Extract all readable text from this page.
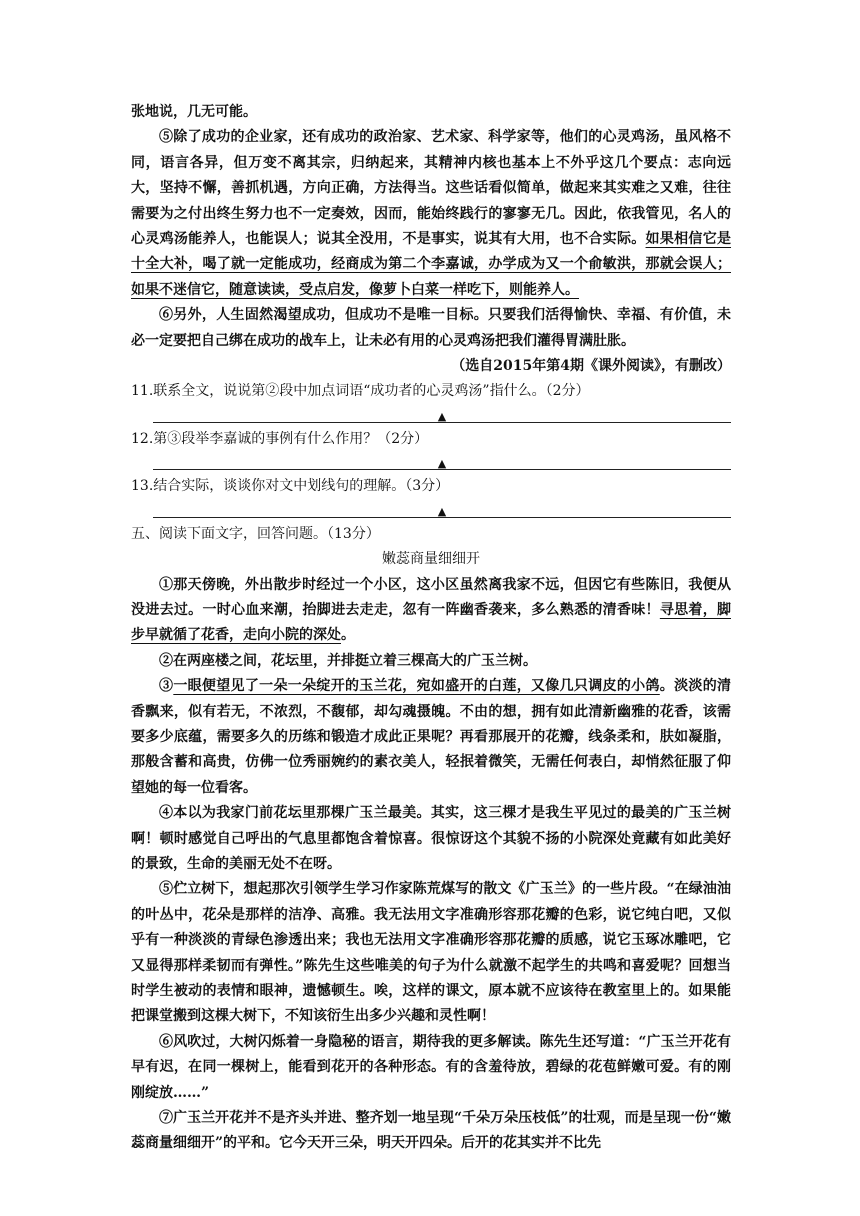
张地说，几无可能。

⑤除了成功的企业家，还有成功的政治家、艺术家、科学家等，他们的心灵鸡汤，虽风格不同，语言各异，但万变不离其宗，归纳起来，其精神内核也基本上不外乎这几个要点：志向远大，坚持不懈，善抓机遇，方向正确，方法得当。这些话看似简单，做起来其实难之又难，往往需要为之付出终生努力也不一定奏效，因而，能始终践行的寥寥无几。因此，依我管见，名人的心灵鸡汤能养人，也能误人；说其全没用，不是事实，说其有大用，也不合实际。如果相信它是十全大补，喝了就一定能成功，经商成为第二个李嘉诚，办学成为又一个俞敏洪，那就会误人；如果不迷信它，随意读读，受点启发，像萝卜白菜一样吃下，则能养人。

⑥另外，人生固然渴望成功，但成功不是唯一目标。只要我们活得愉快、幸福、有价值，未必一定要把自己绑在成功的战车上，让未必有用的心灵鸡汤把我们灌得胃满肚胀。

（选自2015年第4期《课外阅读》，有删改）

11.联系全文，说说第②段中加点词语“成功者的心灵鸡汤”指什么。（2分）

▲

12.第③段举李嘉诚的事例有什么作用？（2分）

▲

13.结合实际，谈谈你对文中划线句的理解。（3分）

▲

五、阅读下面文字，回答问题。（13分）

嫩蕊商量细细开

①那天傍晚，外出散步时经过一个小区，这小区虽然离我家不远，但因它有些陈旧，我便从没进去过。一时心血来潮，抬脚进去走走，忽有一阵幽香袭来，多么熟悉的清香味！寻思着，脚步早就循了花香，走向小院的深处。

②在两座楼之间，花坛里，并排挺立着三棵高大的广玉兰树。

③一眼便望见了一朵一朵绽开的玉兰花，宛如盛开的白莲，又像几只调皮的小鸽。淡淡的清香飘来，似有若无，不浓烈，不馥郁，却勾魂摄魄。不由的想，拥有如此清新幽雅的花香，该需要多少底蕴，需要多久的历练和锻造才成此正果呢？再看那展开的花瓣，线条柔和，肤如凝脂，那般含蓄和高贵，仿佛一位秀丽婉约的素衣美人，轻抿着微笑，无需任何表白，却悄然征服了仰望她的每一位看客。

④本以为我家门前花坛里那棵广玉兰最美。其实，这三棵才是我生平见过的最美的广玉兰树啊！顿时感觉自己呼出的气息里都饱含着惊喜。很惊讶这个其貌不扬的小院深处竟藏有如此美好的景致，生命的美丽无处不在呀。

⑤伫立树下，想起那次引领学生学习作家陈荒煤写的散文《广玉兰》的一些片段。“在绿油油的叶丛中，花朵是那样的洁净、高雅。我无法用文字准确形容那花瓣的色彩，说它纯白吧，又似乎有一种淡淡的青绿色渗透出来；我也无法用文字准确形容那花瓣的质感，说它玉琢冰雕吧，它又显得那样柔韧而有弹性。”陈先生这些唯美的句子为什么就激不起学生的共鸣和喜爱呢？回想当时学生被动的表情和眼神，遗憾顿生。唉，这样的课文，原本就不应该待在教室里上的。如果能把课堂搬到这棵大树下，不知该衍生出多少兴趣和灵性啊！

⑥风吹过，大树闪烁着一身隐秘的语言，期待我的更多解读。陈先生还写道：“广玉兰开花有早有迟，在同一棵树上，能看到花开的各种形态。有的含羞待放，碧绿的花苞鲜嫩可爱。有的刚刚绽放……”

⑦广玉兰开花并不是齐头并进、整齐划一地呈现“千朵万朵压枝低”的壮观，而是呈现一份“嫩蕊商量细细开”的平和。它今天开三朵，明天开四朵。后开的花其实并不比先
